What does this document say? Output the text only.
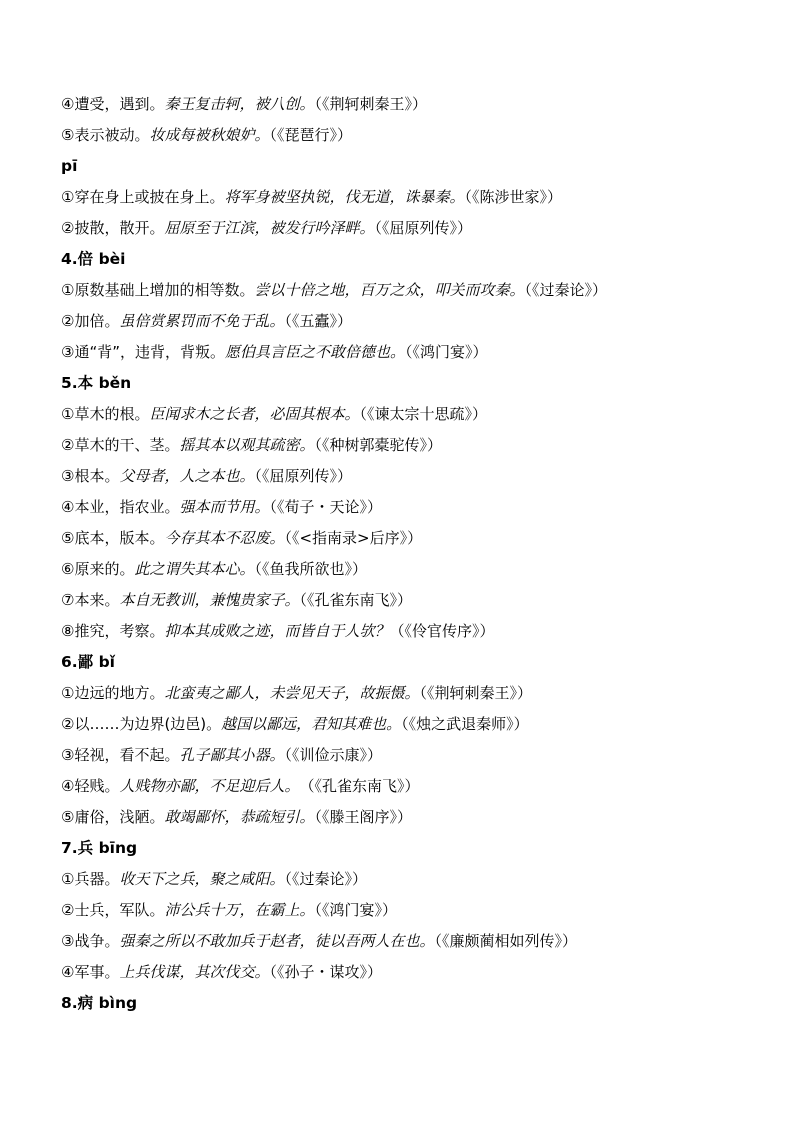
④遭受，遇到。秦王复击轲，被八创。（《荆轲刺秦王》）
⑤表示被动。妆成每被秋娘妒。（《琵琶行》）
pī
①穿在身上或披在身上。将军身被坚执锐，伐无道，诛暴秦。（《陈涉世家》）
②披散，散开。屈原至于江滨，被发行吟泽畔。（《屈原列传》）
4.倍 bèi
①原数基础上增加的相等数。尝以十倍之地，百万之众，叩关而攻秦。（《过秦论》）
②加倍。虽倍赏累罚而不免于乱。（《五蠹》）
③通“背”，违背，背叛。愿伯具言臣之不敢倍德也。（《鸿门宴》）
5.本 běn
①草木的根。臣闻求木之长者，必固其根本。（《谏太宗十思疏》）
②草木的干、茎。摇其本以观其疏密。（《种树郭橐驼传》）
③根本。父母者，人之本也。（《屈原列传》）
④本业，指农业。强本而节用。（《荀子・天论》）
⑤底本，版本。今存其本不忍废。（《<指南录>后序》）
⑥原来的。此之谓失其本心。（《鱼我所欲也》）
⑦本来。本自无教训，兼愧贵家子。（《孔雀东南飞》）
⑧推究，考察。抑本其成败之迹，而皆自于人欤？（《伶官传序》）
6.鄙 bǐ
①边远的地方。北蛮夷之鄙人，未尝见天子，故振慑。（《荆轲刺秦王》）
②以……为边界(边邑)。越国以鄙远，君知其难也。（《烛之武退秦师》）
③轻视，看不起。孔子鄙其小器。（《训俭示康》）
④轻贱。人贱物亦鄙，不足迎后人。　（《孔雀东南飞》）
⑤庸俗，浅陋。敢竭鄙怀，恭疏短引。（《滕王阁序》）
7.兵 bīng
①兵器。收天下之兵，聚之咸阳。（《过秦论》）
②士兵，军队。沛公兵十万，在霸上。（《鸿门宴》）
③战争。强秦之所以不敢加兵于赵者，徒以吾两人在也。（《廉颇蔺相如列传》）
④军事。上兵伐谋，其次伐交。（《孙子・谋攻》）
8.病 bìng
